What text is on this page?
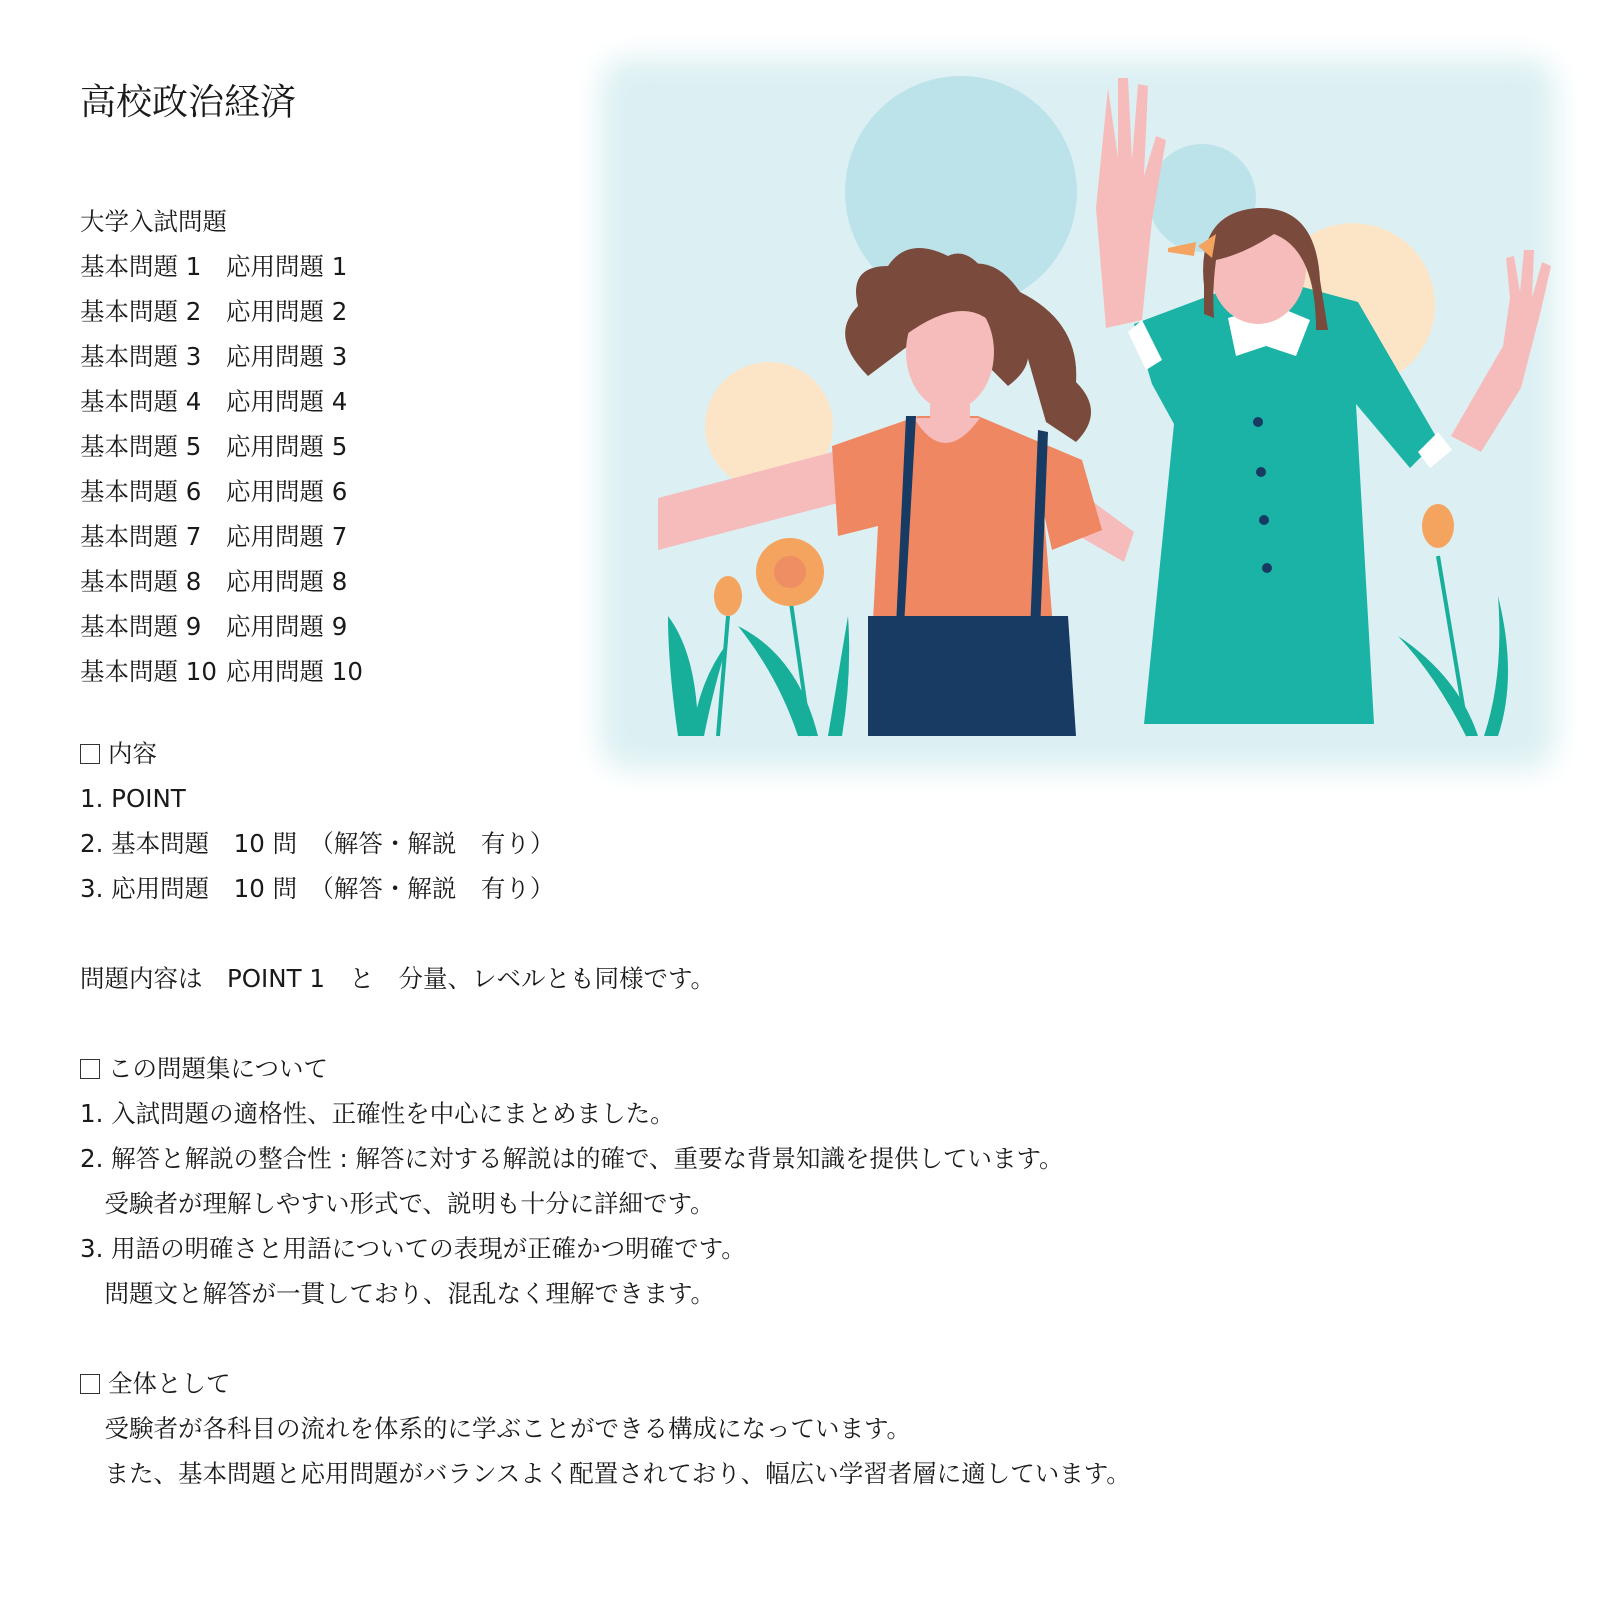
高校政治経済
大学入試問題
基本問題 1 応用問題 1
基本問題 2 応用問題 2
基本問題 3 応用問題 3
基本問題 4 応用問題 4
基本問題 5 応用問題 5
基本問題 6 応用問題 6
基本問題 7 応用問題 7
基本問題 8 応用問題 8
基本問題 9 応用問題 9
基本問題 10 応用問題 10
内容
1. POINT
2. 基本問題　10 問　（解答・解説　有り）
3. 応用問題　10 問　（解答・解説　有り）
問題内容は　POINT 1　と　分量、レベルとも同様です。
この問題集について
1. 入試問題の適格性、正確性を中心にまとめました。
2. 解答と解説の整合性 : 解答に対する解説は的確で、重要な背景知識を提供しています。
　受験者が理解しやすい形式で、説明も十分に詳細です。
3. 用語の明確さと用語についての表現が正確かつ明確です。
　問題文と解答が一貫しており、混乱なく理解できます。
全体として
　受験者が各科目の流れを体系的に学ぶことができる構成になっています。
　また、基本問題と応用問題がバランスよく配置されており、幅広い学習者層に適しています。
